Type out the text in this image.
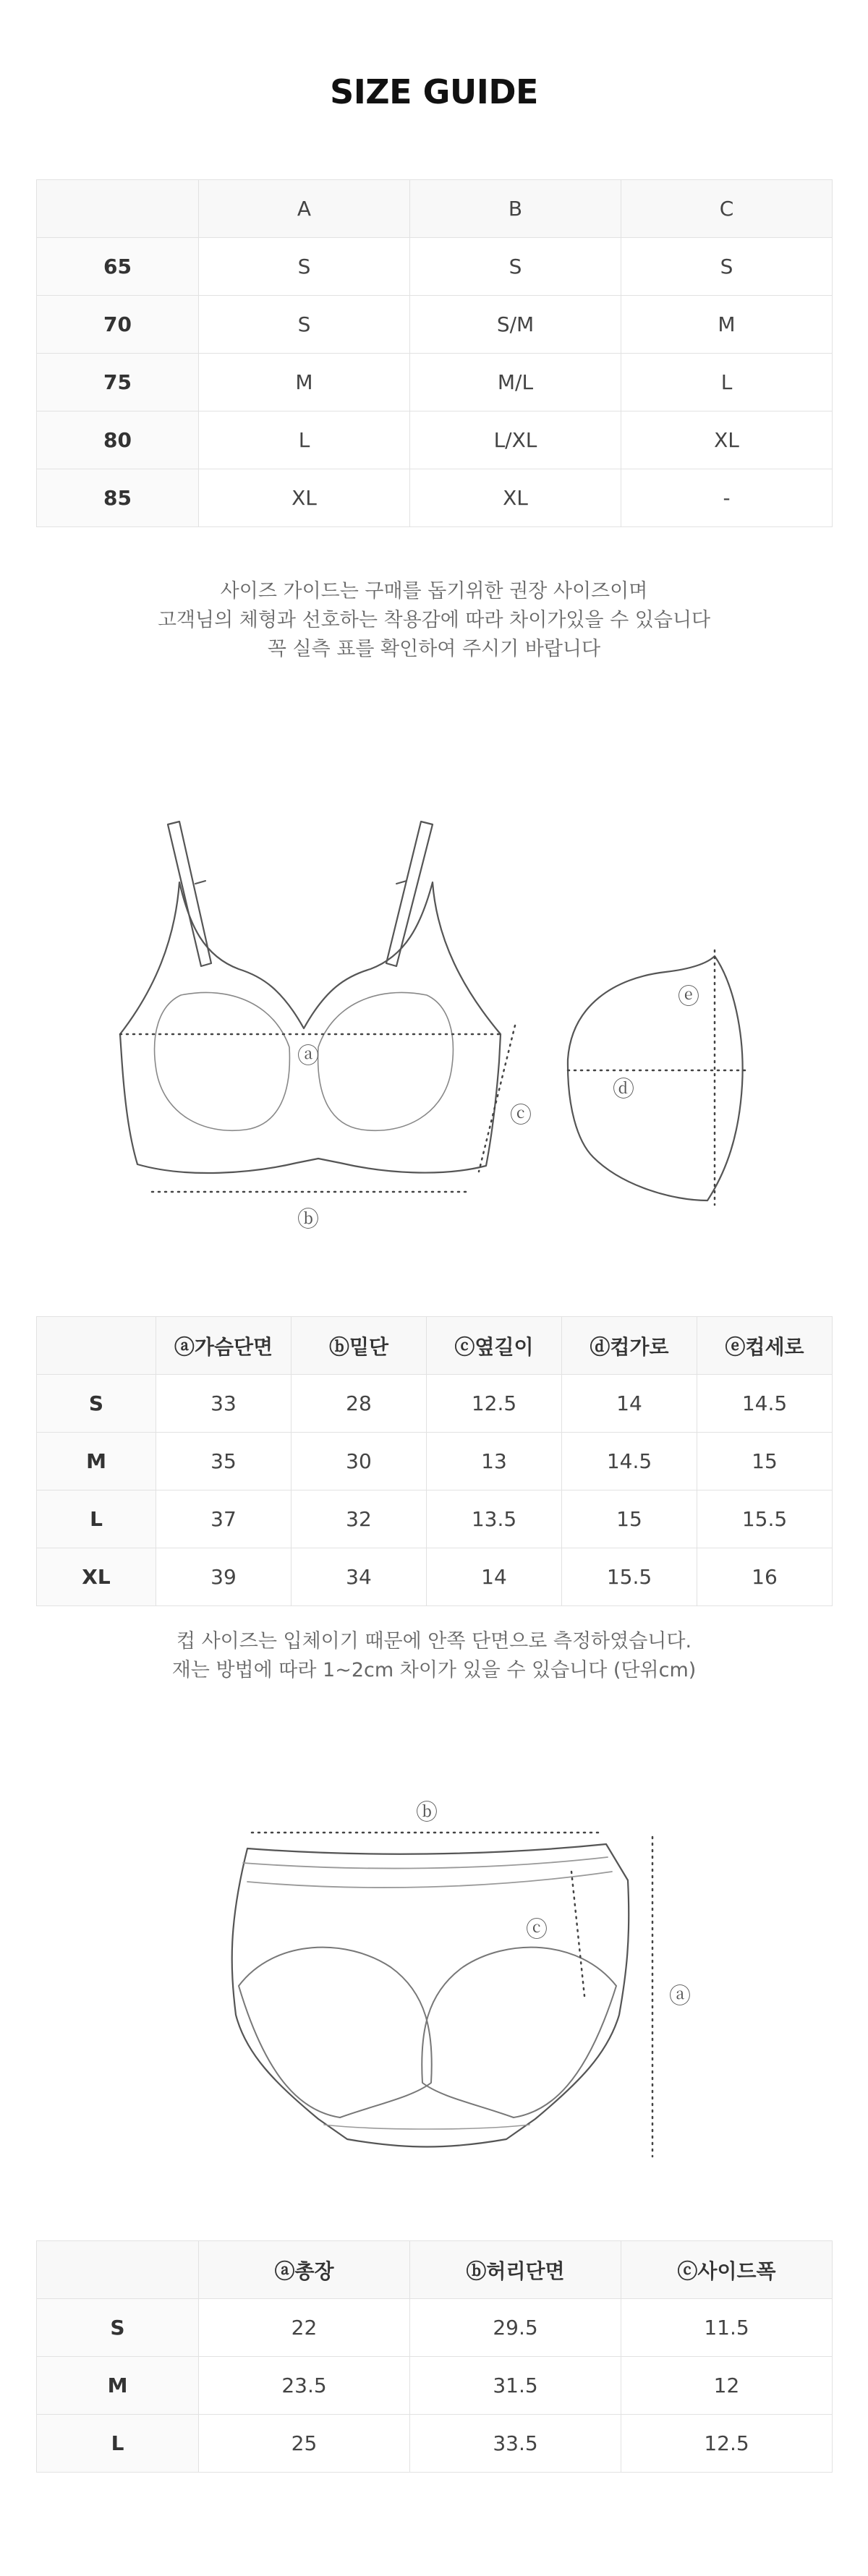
SIZE GUIDE
	A	B	C
65	S	S	S
70	S	S/M	M
75	M	M/L	L
80	L	L/XL	XL
85	XL	XL	-
사이즈 가이드는 구매를 돕기위한 권장 사이즈이며
고객님의 체형과 선호하는 착용감에 따라 차이가있을 수 있습니다
꼭 실측 표를 확인하여 주시기 바랍니다
ⓐ
ⓑ
ⓒ
ⓓ
ⓔ
	ⓐ가슴단면	ⓑ밑단	ⓒ옆길이	ⓓ컵가로	ⓔ컵세로
S	33	28	12.5	14	14.5
M	35	30	13	14.5	15
L	37	32	13.5	15	15.5
XL	39	34	14	15.5	16
컵 사이즈는 입체이기 때문에 안쪽 단면으로 측정하였습니다.
재는 방법에 따라 1~2cm 차이가 있을 수 있습니다 (단위cm)
ⓑ
ⓒ
ⓐ
	ⓐ총장	ⓑ허리단면	ⓒ사이드폭
S	22	29.5	11.5
M	23.5	31.5	12
L	25	33.5	12.5
